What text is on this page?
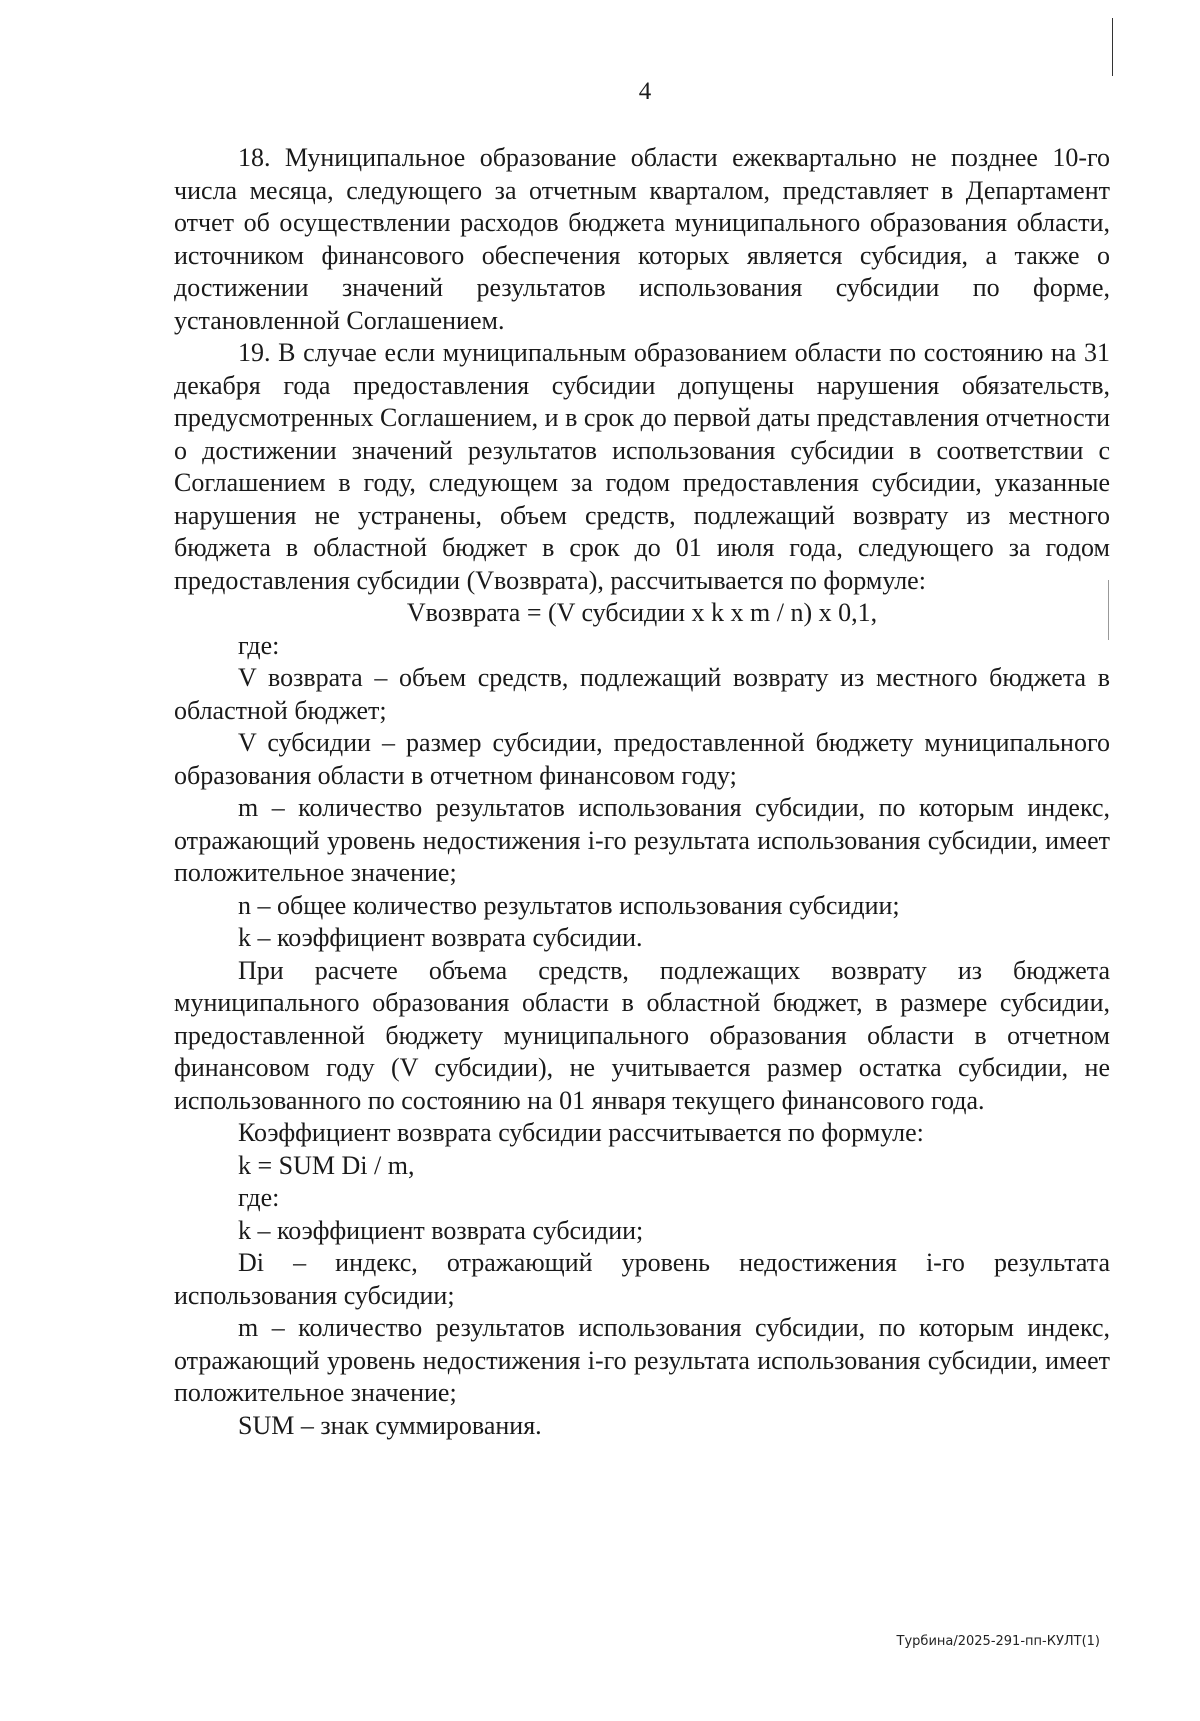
4

18. Муниципальное образование области ежеквартально не позднее 10-го числа месяца, следующего за отчетным кварталом, представляет в Департамент отчет об осуществлении расходов бюджета муниципального образования области, источником финансового обеспечения которых является субсидия, а также о достижении значений результатов использования субсидии по форме, установленной Соглашением.

19. В случае если муниципальным образованием области по состоянию на 31 декабря года предоставления субсидии допущены нарушения обязательств, предусмотренных Соглашением, и в срок до первой даты представления отчетности о достижении значений результатов использования субсидии в соответствии с Соглашением в году, следующем за годом предоставления субсидии, указанные нарушения не устранены, объем средств, подлежащий возврату из местного бюджета в областной бюджет в срок до 01 июля года, следующего за годом предоставления субсидии (Vвозврата), рассчитывается по формуле:

Vвозврата = (V субсидии x k x m / n) x 0,1,

где:

V возврата – объем средств, подлежащий возврату из местного бюджета в областной бюджет;

V субсидии – размер субсидии, предоставленной бюджету муниципального образования области в отчетном финансовом году;

m – количество результатов использования субсидии, по которым индекс, отражающий уровень недостижения i-го результата использования субсидии, имеет положительное значение;

n – общее количество результатов использования субсидии;

k – коэффициент возврата субсидии.

При расчете объема средств, подлежащих возврату из бюджета муниципального образования области в областной бюджет, в размере субсидии, предоставленной бюджету муниципального образования области в отчетном финансовом году (V субсидии), не учитывается размер остатка субсидии, не использованного по состоянию на 01 января текущего финансового года.

Коэффициент возврата субсидии рассчитывается по формуле:

k = SUM Di / m,

где:

k – коэффициент возврата субсидии;

Di – индекс, отражающий уровень недостижения i-го результата использования субсидии;

m – количество результатов использования субсидии, по которым индекс, отражающий уровень недостижения i-го результата использования субсидии, имеет положительное значение;

SUM – знак суммирования.

Турбина/2025-291-пп-КУЛТ(1)
